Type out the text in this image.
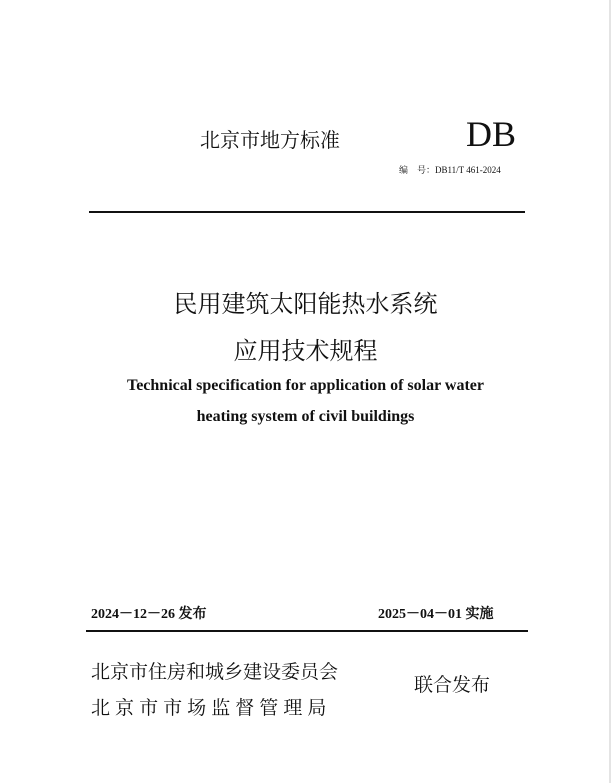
北京市地方标准	DB
编　号：DB11/T 461-2024
民用建筑太阳能热水系统
应用技术规程
Technical specification for application of solar water
heating system of civil buildings
2024－12－26 发布	2025－04－01 实施
北京市住房和城乡建设委员会
北 京 市 市 场 监 督 管 理 局
联合发布
